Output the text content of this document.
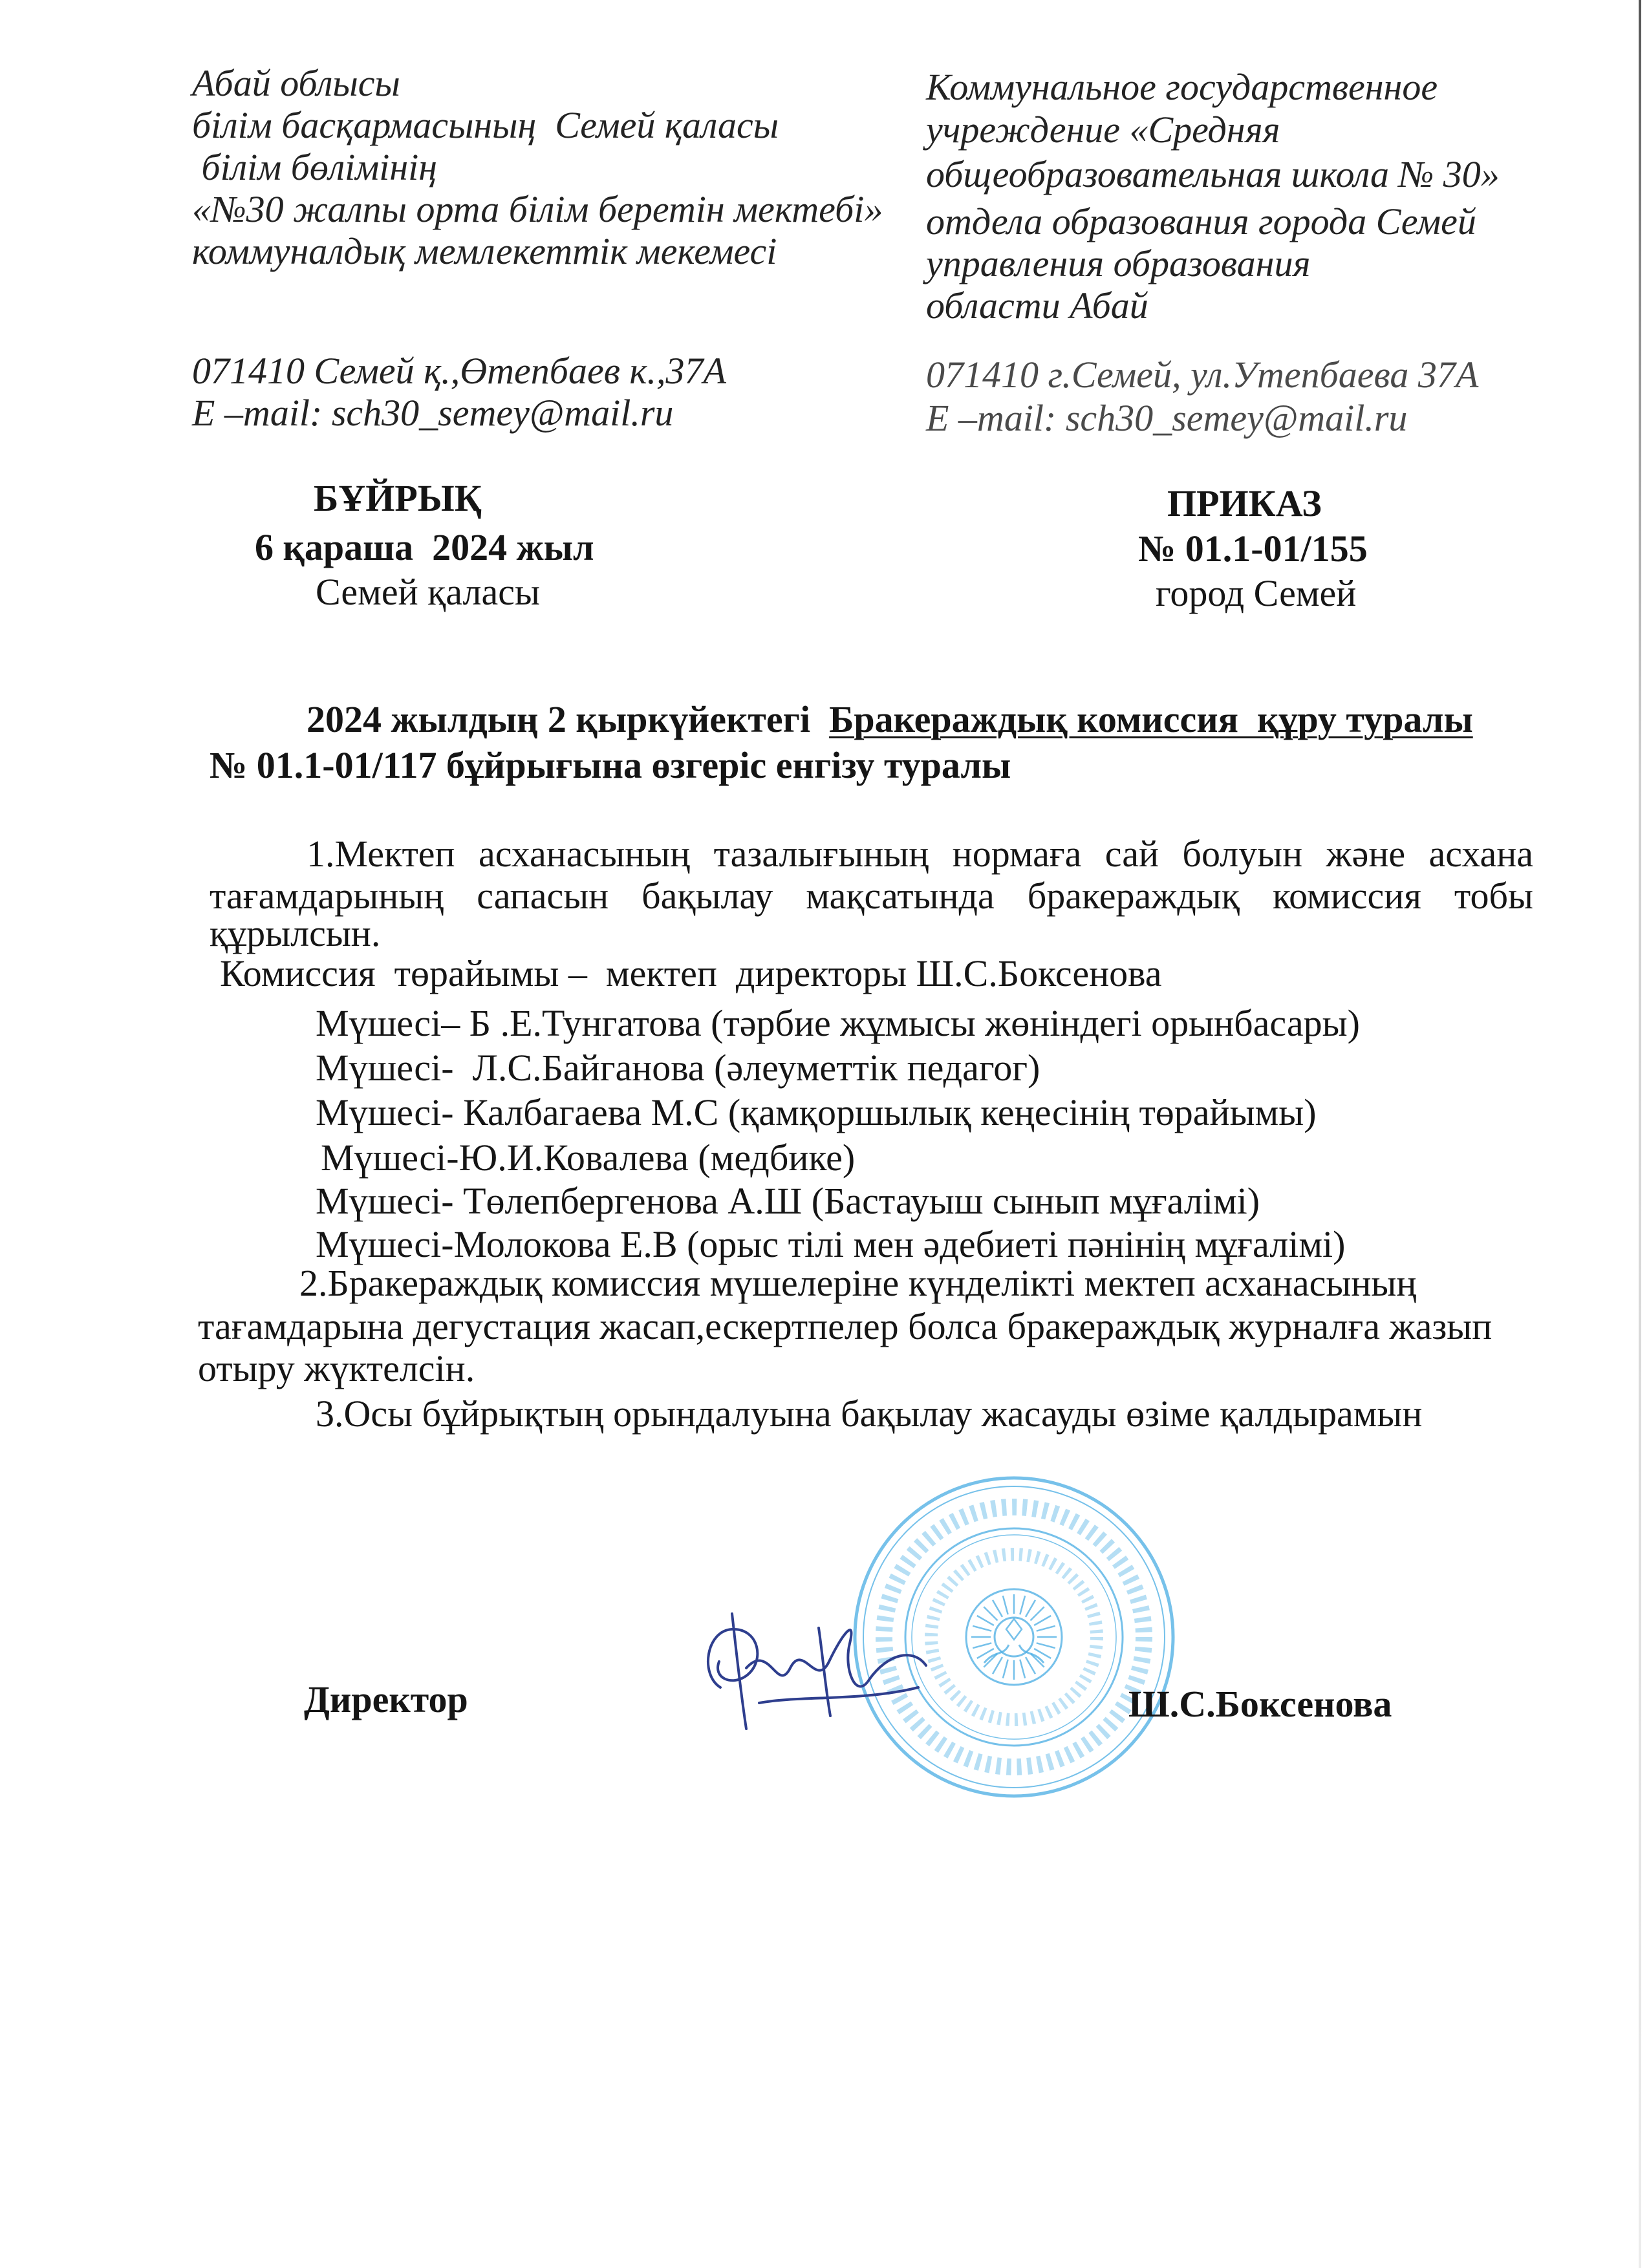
Абай облысы
білім басқармасының  Семей қаласы
білім бөлімінің
«№30 жалпы орта білім беретін мектебі»
коммуналдық мемлекеттік мекемесі
071410 Семей қ.,Өтепбаев к.,37А
E –mail: sch30_semey@mail.ru
Коммунальное государственное
учреждение «Средняя
общеобразовательная школа № 30»
отдела образования города Семей
управления образования
области Абай
071410 г.Семей, ул.Утепбаева 37А
E –mail: sch30_semey@mail.ru
БҰЙРЫҚ
6 қараша  2024 жыл
Семей қаласы
ПРИКАЗ
№ 01.1-01/155
город Семей
2024 жылдың 2 қыркүйектегі  Бракераждық комиссия  құру туралы
№ 01.1-01/117 бұйрығына өзгеріс енгізу туралы
1.Мектеп асханасының тазалығының нормаға сай болуын және асхана
тағамдарының сапасын бақылау мақсатында бракераждық комиссия тобы
құрылсын.
Комиссия  төрайымы –  мектеп  директоры Ш.С.Боксенова
Мүшесі– Б .Е.Тунгатова (тәрбие жұмысы жөніндегі орынбасары)
Мүшесі-  Л.С.Байганова (әлеуметтік педагог)
Мүшесі- Калбагаева М.С (қамқоршылық кеңесінің төрайымы)
Мүшесі-Ю.И.Ковалева (медбике)
Мүшесі- Төлепбергенова А.Ш (Бастауыш сынып мұғалімі)
Мүшесі-Молокова Е.В (орыс тілі мен әдебиеті пәнінің мұғалімі)
2.Бракераждық комиссия мүшелеріне күнделікті мектеп асханасының
тағамдарына дегустация жасап,ескертпелер болса бракераждық журналға жазып
отыру жүктелсін.
3.Осы бұйрықтың орындалуына бақылау жасауды өзіме қалдырамын
Директор	Ш.С.Боксенова
